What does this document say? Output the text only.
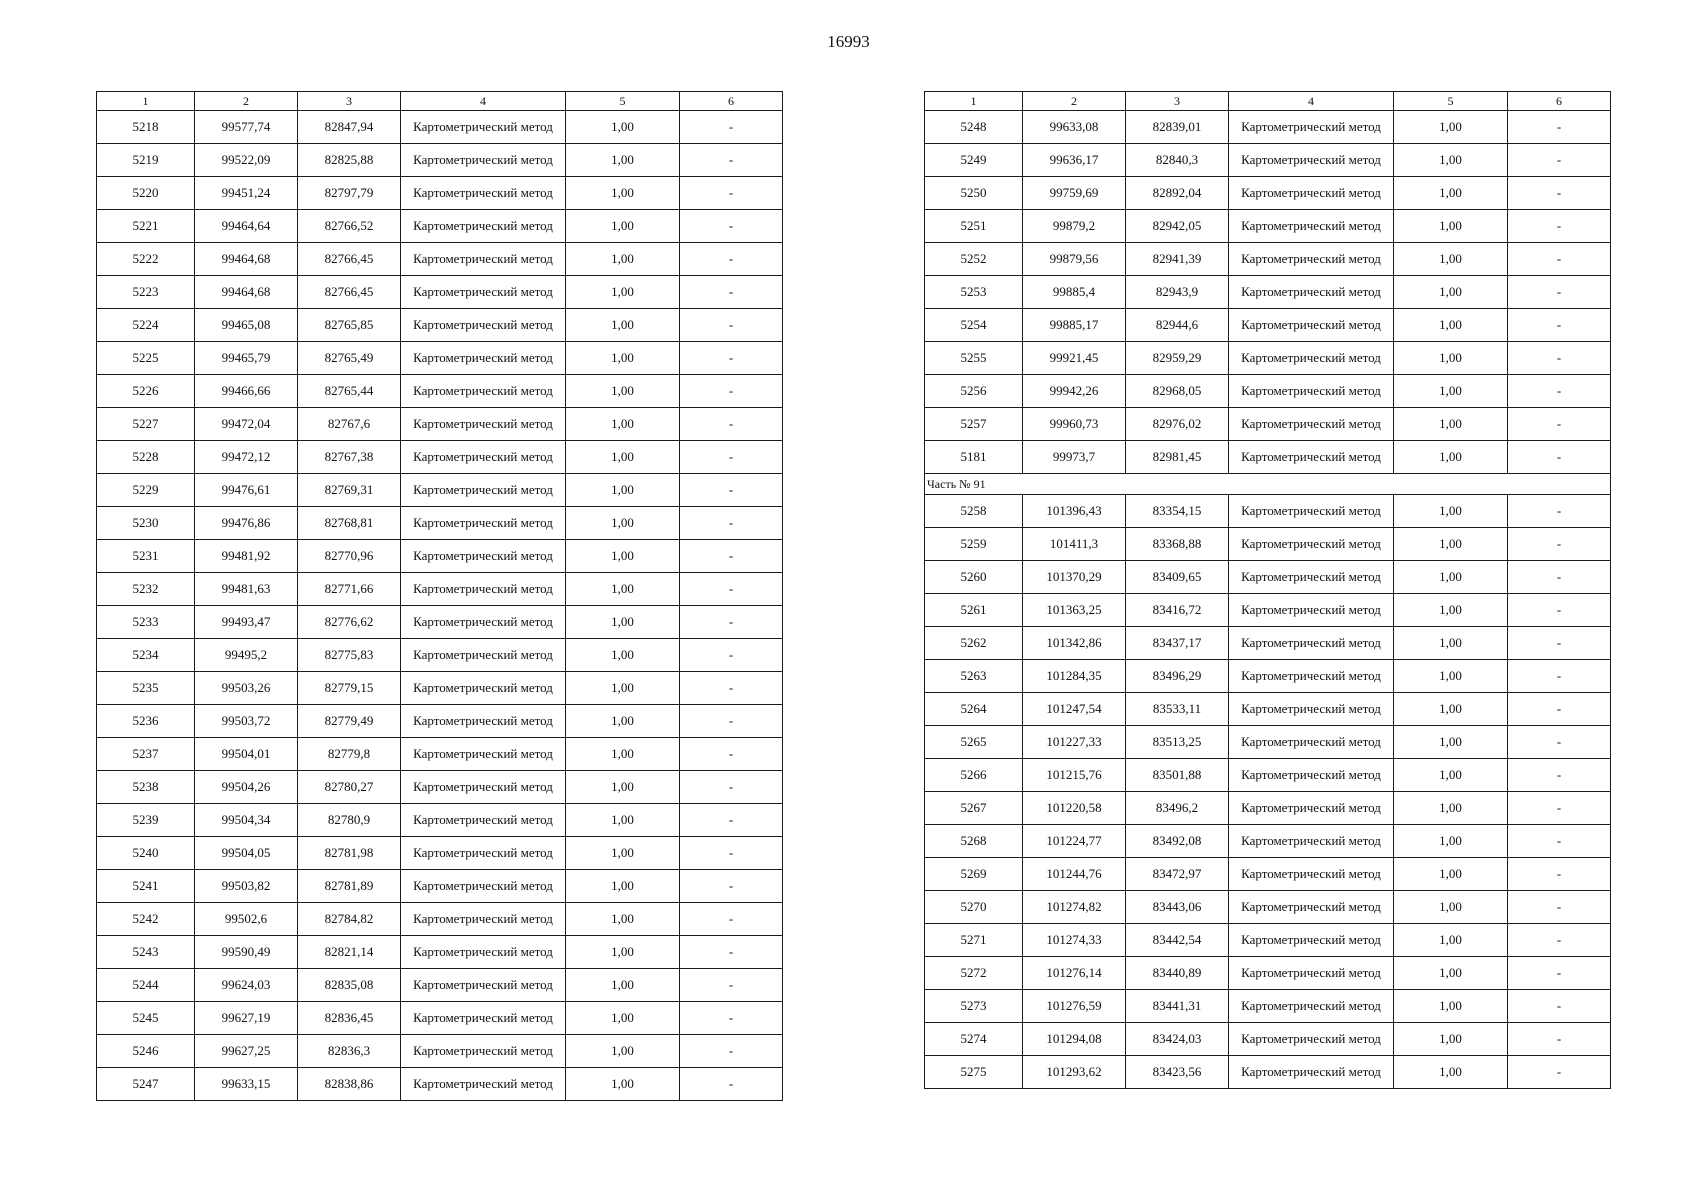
16993
1	2	3	4	5	6
5218	99577,74	82847,94	Картометрический метод	1,00	-
5219	99522,09	82825,88	Картометрический метод	1,00	-
5220	99451,24	82797,79	Картометрический метод	1,00	-
5221	99464,64	82766,52	Картометрический метод	1,00	-
5222	99464,68	82766,45	Картометрический метод	1,00	-
5223	99464,68	82766,45	Картометрический метод	1,00	-
5224	99465,08	82765,85	Картометрический метод	1,00	-
5225	99465,79	82765,49	Картометрический метод	1,00	-
5226	99466,66	82765,44	Картометрический метод	1,00	-
5227	99472,04	82767,6	Картометрический метод	1,00	-
5228	99472,12	82767,38	Картометрический метод	1,00	-
5229	99476,61	82769,31	Картометрический метод	1,00	-
5230	99476,86	82768,81	Картометрический метод	1,00	-
5231	99481,92	82770,96	Картометрический метод	1,00	-
5232	99481,63	82771,66	Картометрический метод	1,00	-
5233	99493,47	82776,62	Картометрический метод	1,00	-
5234	99495,2	82775,83	Картометрический метод	1,00	-
5235	99503,26	82779,15	Картометрический метод	1,00	-
5236	99503,72	82779,49	Картометрический метод	1,00	-
5237	99504,01	82779,8	Картометрический метод	1,00	-
5238	99504,26	82780,27	Картометрический метод	1,00	-
5239	99504,34	82780,9	Картометрический метод	1,00	-
5240	99504,05	82781,98	Картометрический метод	1,00	-
5241	99503,82	82781,89	Картометрический метод	1,00	-
5242	99502,6	82784,82	Картометрический метод	1,00	-
5243	99590,49	82821,14	Картометрический метод	1,00	-
5244	99624,03	82835,08	Картометрический метод	1,00	-
5245	99627,19	82836,45	Картометрический метод	1,00	-
5246	99627,25	82836,3	Картометрический метод	1,00	-
5247	99633,15	82838,86	Картометрический метод	1,00	-
1	2	3	4	5	6
5248	99633,08	82839,01	Картометрический метод	1,00	-
5249	99636,17	82840,3	Картометрический метод	1,00	-
5250	99759,69	82892,04	Картометрический метод	1,00	-
5251	99879,2	82942,05	Картометрический метод	1,00	-
5252	99879,56	82941,39	Картометрический метод	1,00	-
5253	99885,4	82943,9	Картометрический метод	1,00	-
5254	99885,17	82944,6	Картометрический метод	1,00	-
5255	99921,45	82959,29	Картометрический метод	1,00	-
5256	99942,26	82968,05	Картометрический метод	1,00	-
5257	99960,73	82976,02	Картометрический метод	1,00	-
5181	99973,7	82981,45	Картометрический метод	1,00	-
Часть № 91					
5258	101396,43	83354,15	Картометрический метод	1,00	-
5259	101411,3	83368,88	Картометрический метод	1,00	-
5260	101370,29	83409,65	Картометрический метод	1,00	-
5261	101363,25	83416,72	Картометрический метод	1,00	-
5262	101342,86	83437,17	Картометрический метод	1,00	-
5263	101284,35	83496,29	Картометрический метод	1,00	-
5264	101247,54	83533,11	Картометрический метод	1,00	-
5265	101227,33	83513,25	Картометрический метод	1,00	-
5266	101215,76	83501,88	Картометрический метод	1,00	-
5267	101220,58	83496,2	Картометрический метод	1,00	-
5268	101224,77	83492,08	Картометрический метод	1,00	-
5269	101244,76	83472,97	Картометрический метод	1,00	-
5270	101274,82	83443,06	Картометрический метод	1,00	-
5271	101274,33	83442,54	Картометрический метод	1,00	-
5272	101276,14	83440,89	Картометрический метод	1,00	-
5273	101276,59	83441,31	Картометрический метод	1,00	-
5274	101294,08	83424,03	Картометрический метод	1,00	-
5275	101293,62	83423,56	Картометрический метод	1,00	-
